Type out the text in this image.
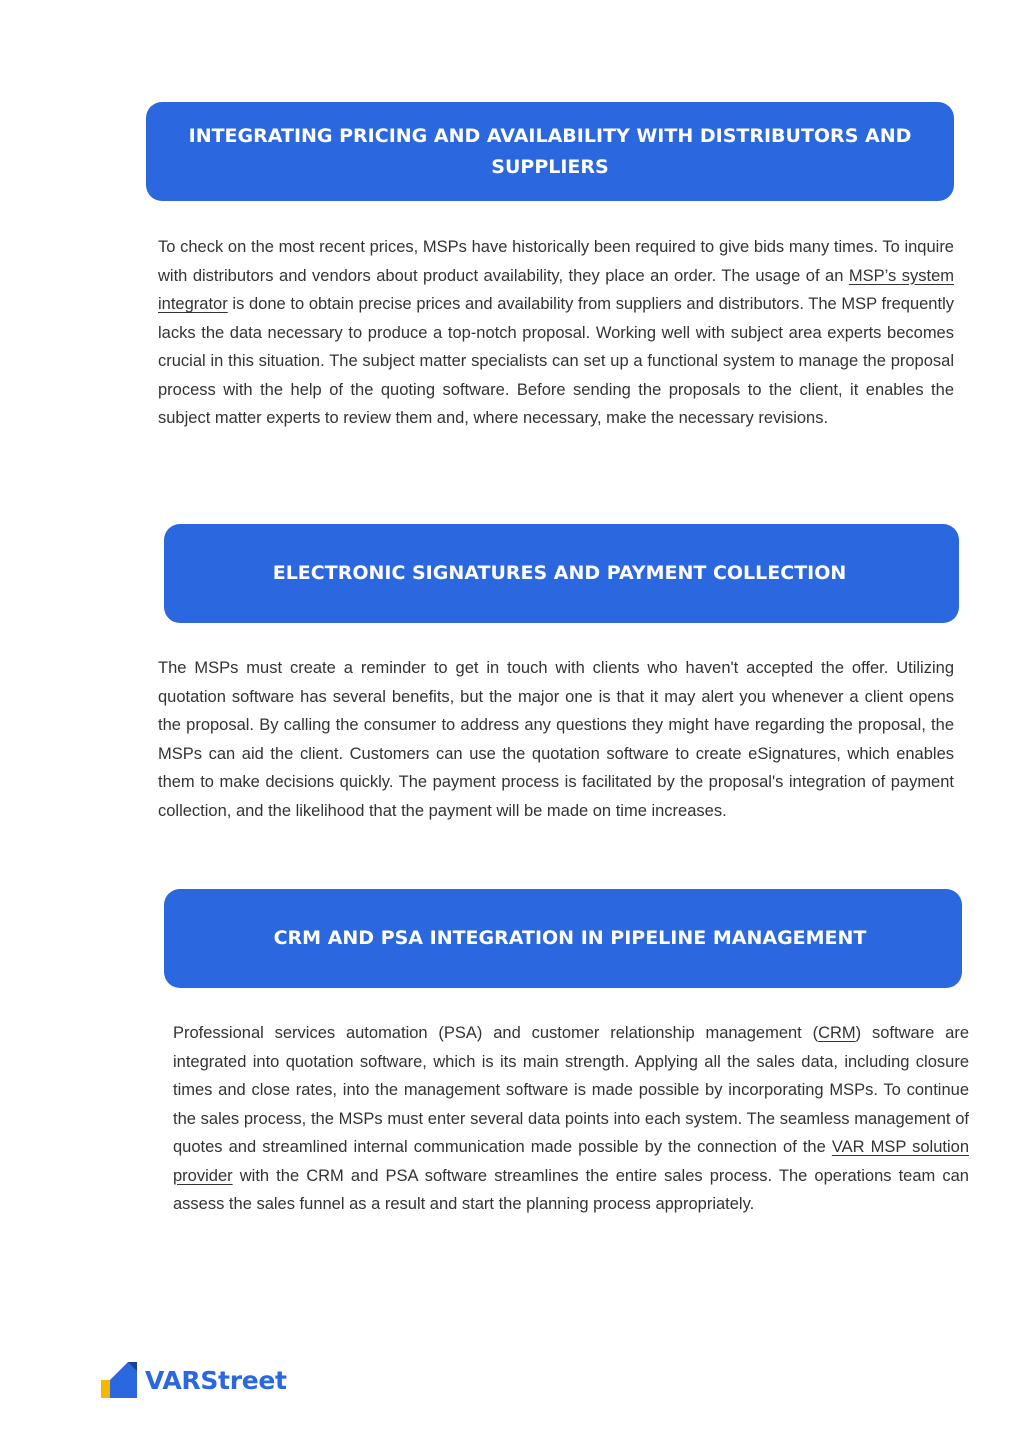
INTEGRATING PRICING AND AVAILABILITY WITH DISTRIBUTORS AND SUPPLIERS

To check on the most recent prices, MSPs have historically been required to give bids many times. To inquire with distributors and vendors about product availability, they place an order. The usage of an MSP’s system integrator is done to obtain precise prices and availability from suppliers and distributors. The MSP frequently lacks the data necessary to produce a top-notch proposal. Working well with subject area experts becomes crucial in this situation. The subject matter specialists can set up a functional system to manage the proposal process with the help of the quoting software. Before sending the proposals to the client, it enables the subject matter experts to review them and, where necessary, make the necessary revisions.

ELECTRONIC SIGNATURES AND PAYMENT COLLECTION

The MSPs must create a reminder to get in touch with clients who haven't accepted the offer. Utilizing quotation software has several benefits, but the major one is that it may alert you whenever a client opens the proposal. By calling the consumer to address any questions they might have regarding the proposal, the MSPs can aid the client. Customers can use the quotation software to create eSignatures, which enables them to make decisions quickly. The payment process is facilitated by the proposal's integration of payment collection, and the likelihood that the payment will be made on time increases.

CRM AND PSA INTEGRATION IN PIPELINE MANAGEMENT

Professional services automation (PSA) and customer relationship management (CRM) software are integrated into quotation software, which is its main strength. Applying all the sales data, including closure times and close rates, into the management software is made possible by incorporating MSPs. To continue the sales process, the MSPs must enter several data points into each system. The seamless management of quotes and streamlined internal communication made possible by the connection of the VAR MSP solution provider with the CRM and PSA software streamlines the entire sales process. The operations team can assess the sales funnel as a result and start the planning process appropriately.

VARStreet
